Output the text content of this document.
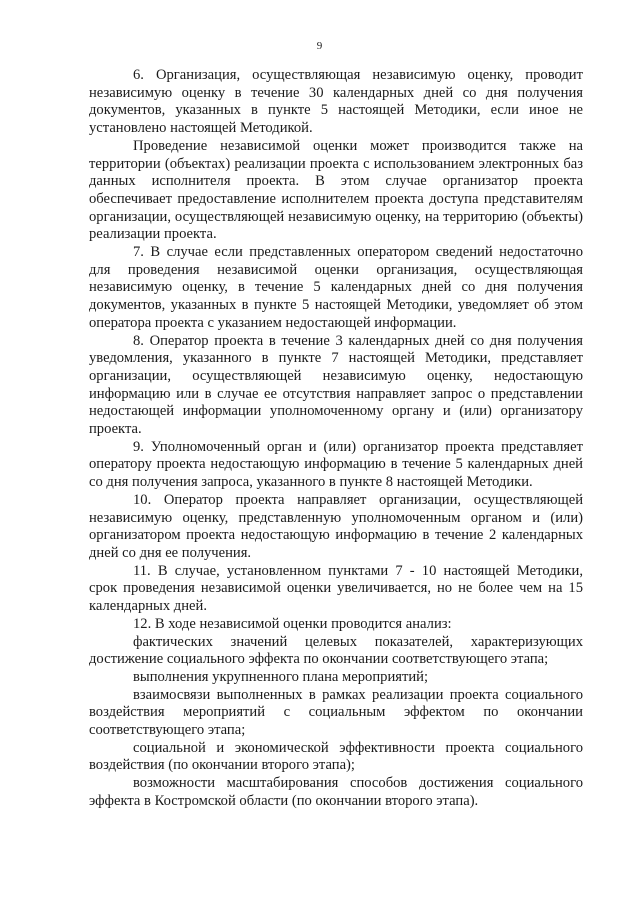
9

6. Организация, осуществляющая независимую оценку, проводит независимую оценку в течение 30 календарных дней со дня получения документов, указанных в пункте 5 настоящей Методики, если иное не установлено настоящей Методикой.

Проведение независимой оценки может производится также на территории (объектах) реализации проекта с использованием электронных баз данных исполнителя проекта. В этом случае организатор проекта обеспечивает предоставление исполнителем проекта доступа представителям организации, осуществляющей независимую оценку, на территорию (объекты) реализации проекта.

7. В случае если представленных оператором сведений недостаточно для проведения независимой оценки организация, осуществляющая независимую оценку, в течение 5 календарных дней со дня получения документов, указанных в пункте 5 настоящей Методики, уведомляет об этом оператора проекта с указанием недостающей информации.

8. Оператор проекта в течение 3 календарных дней со дня получения уведомления, указанного в пункте 7 настоящей Методики, представляет организации, осуществляющей независимую оценку, недостающую информацию или в случае ее отсутствия направляет запрос о представлении недостающей информации уполномоченному органу и (или) организатору проекта.

9. Уполномоченный орган и (или) организатор проекта представляет оператору проекта недостающую информацию в течение 5 календарных дней со дня получения запроса, указанного в пункте 8 настоящей Методики.

10. Оператор проекта направляет организации, осуществляющей независимую оценку, представленную уполномоченным органом и (или) организатором проекта недостающую информацию в течение 2 календарных дней со дня ее получения.

11. В случае, установленном пунктами 7 - 10 настоящей Методики, срок проведения независимой оценки увеличивается, но не более чем на 15 календарных дней.

12. В ходе независимой оценки проводится анализ:

фактических значений целевых показателей, характеризующих достижение социального эффекта по окончании соответствующего этапа;

выполнения укрупненного плана мероприятий;

взаимосвязи выполненных в рамках реализации проекта социального воздействия мероприятий с социальным эффектом по окончании соответствующего этапа;

социальной и экономической эффективности проекта социального воздействия (по окончании второго этапа);

возможности масштабирования способов достижения социального эффекта в Костромской области (по окончании второго этапа).
